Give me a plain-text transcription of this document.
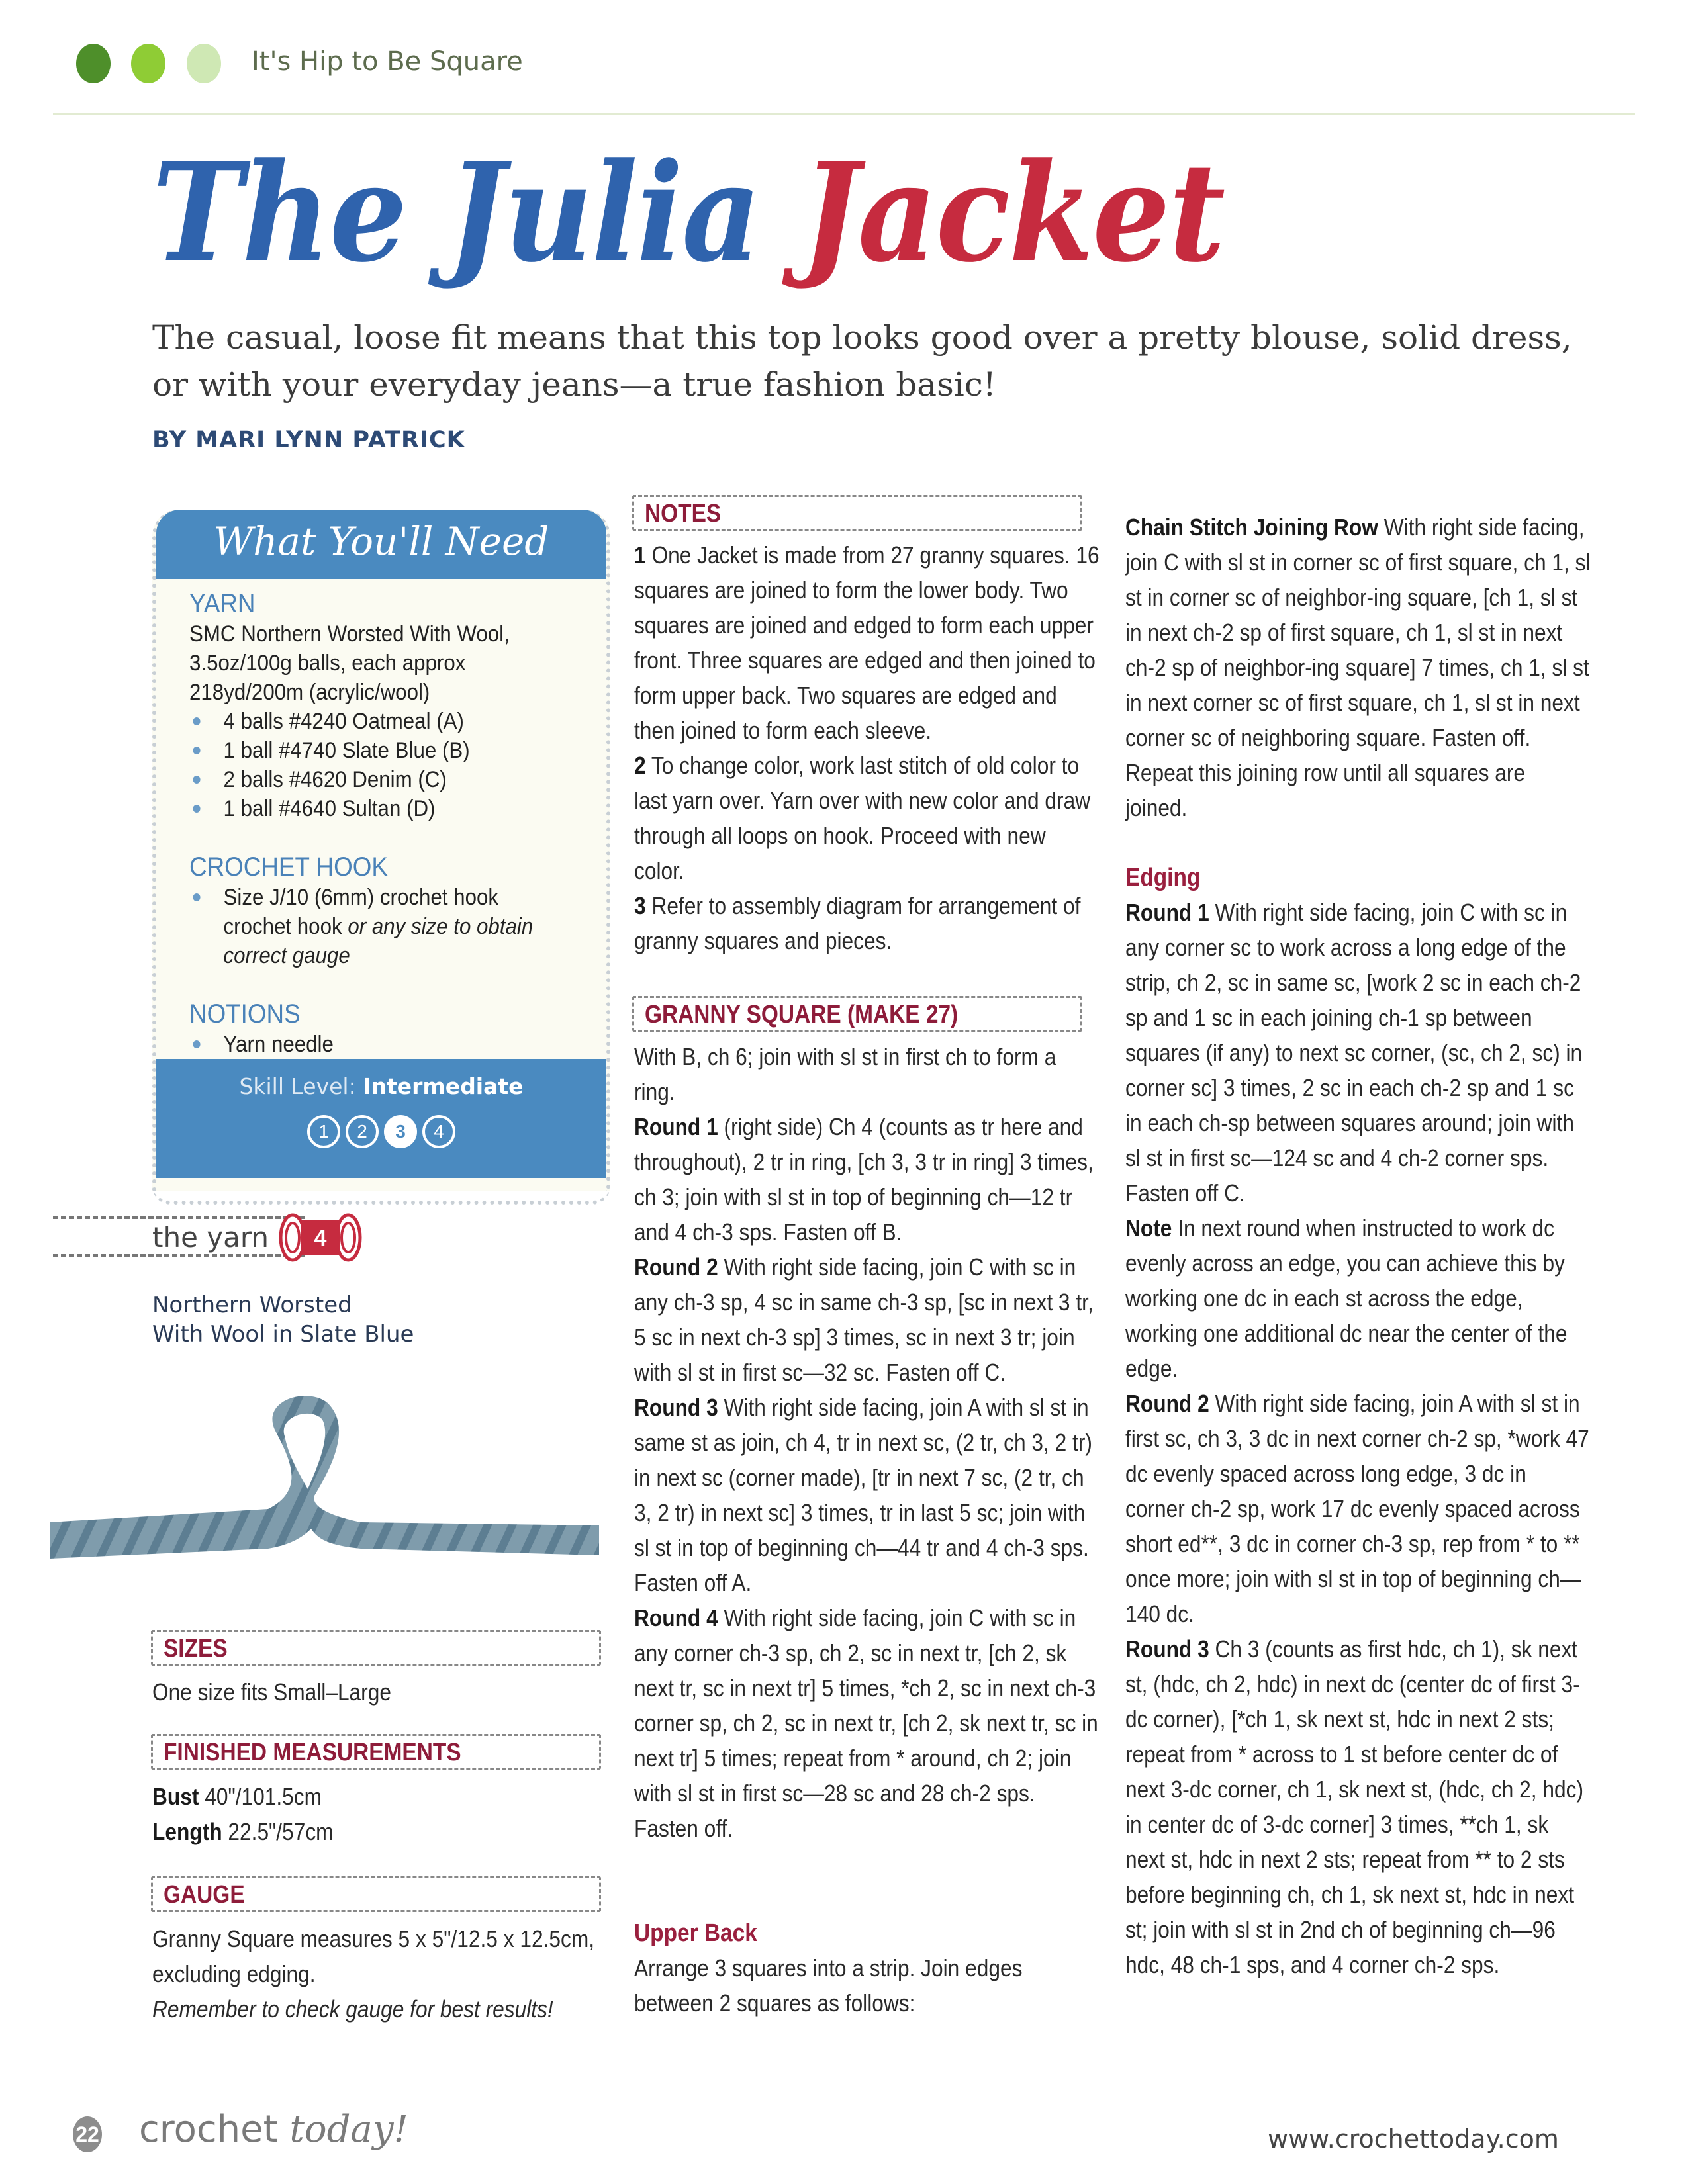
It's Hip to Be Square
The Julia Jacket
The casual, loose fit means that this top looks good over a pretty blouse, solid dress, or with your everyday jeans—a true fashion basic!
BY MARI LYNN PATRICK
What You'll Need
YARN
SMC Northern Worsted With Wool,
3.5oz/100g balls, each approx
218yd/200m (acrylic/wool)
4 balls #4240 Oatmeal (A)
1 ball #4740 Slate Blue (B)
2 balls #4620 Denim (C)
1 ball #4640 Sultan (D)
CROCHET HOOK
Size J/10 (6mm) crochet hook
crochet hook or any size to obtain correct gauge
NOTIONS
Yarn needle
Skill Level: Intermediate
1	2	3	4
the yarn 4
Northern Worsted
With Wool in Slate Blue
SIZES
One size fits Small–Large
FINISHED MEASUREMENTS
Bust 40"/101.5cm
Length 22.5"/57cm
GAUGE
Granny Square measures 5 x 5"/12.5 x 12.5cm, excluding edging.
Remember to check gauge for best results!
NOTES
1 One Jacket is made from 27 granny squares. 16 squares are joined to form the lower body. Two squares are joined and edged to form each upper front. Three squares are edged and then joined to form upper back. Two squares are edged and then joined to form each sleeve.
2 To change color, work last stitch of old color to last yarn over. Yarn over with new color and draw through all loops on hook. Proceed with new color.
3 Refer to assembly diagram for arrangement of granny squares and pieces.
GRANNY SQUARE (MAKE 27)
With B, ch 6; join with sl st in first ch to form a ring.
Round 1 (right side) Ch 4 (counts as tr here and throughout), 2 tr in ring, [ch 3, 3 tr in ring] 3 times, ch 3; join with sl st in top of beginning ch—12 tr and 4 ch-3 sps. Fasten off B.
Round 2 With right side facing, join C with sc in any ch-3 sp, 4 sc in same ch-3 sp, [sc in next 3 tr, 5 sc in next ch-3 sp] 3 times, sc in next 3 tr; join with sl st in first sc—32 sc. Fasten off C.
Round 3 With right side facing, join A with sl st in same st as join, ch 4, tr in next sc, (2 tr, ch 3, 2 tr) in next sc (corner made), [tr in next 7 sc, (2 tr, ch 3, 2 tr) in next sc] 3 times, tr in last 5 sc; join with sl st in top of beginning ch—44 tr and 4 ch-3 sps. Fasten off A.
Round 4 With right side facing, join C with sc in any corner ch-3 sp, ch 2, sc in next tr, [ch 2, sk next tr, sc in next tr] 5 times, *ch 2, sc in next ch-3 corner sp, ch 2, sc in next tr, [ch 2, sk next tr, sc in next tr] 5 times; repeat from * around, ch 2; join with sl st in first sc—28 sc and 28 ch-2 sps. Fasten off.
Upper Back
Arrange 3 squares into a strip. Join edges between 2 squares as follows:
Chain Stitch Joining Row With right side facing, join C with sl st in corner sc of first square, ch 1, sl st in corner sc of neighbor-ing square, [ch 1, sl st in next ch-2 sp of first square, ch 1, sl st in next ch-2 sp of neighbor-ing square] 7 times, ch 1, sl st in next corner sc of first square, ch 1, sl st in next corner sc of neighboring square. Fasten off. Repeat this joining row until all squares are joined.
Edging
Round 1 With right side facing, join C with sc in any corner sc to work across a long edge of the strip, ch 2, sc in same sc, [work 2 sc in each ch-2 sp and 1 sc in each joining ch-1 sp between squares (if any) to next sc corner, (sc, ch 2, sc) in corner sc] 3 times, 2 sc in each ch-2 sp and 1 sc in each ch-sp between squares around; join with sl st in first sc—124 sc and 4 ch-2 corner sps. Fasten off C.
Note In next round when instructed to work dc evenly across an edge, you can achieve this by working one dc in each st across the edge, working one additional dc near the center of the edge.
Round 2 With right side facing, join A with sl st in first sc, ch 3, 3 dc in next corner ch-2 sp, *work 47 dc evenly spaced across long edge, 3 dc in corner ch-2 sp, work 17 dc evenly spaced across short ed**, 3 dc in corner ch-3 sp, rep from * to ** once more; join with sl st in top of beginning ch—140 dc.
Round 3 Ch 3 (counts as first hdc, ch 1), sk next st, (hdc, ch 2, hdc) in next dc (center dc of first 3-dc corner), [*ch 1, sk next st, hdc in next 2 sts; repeat from * across to 1 st before center dc of next 3-dc corner, ch 1, sk next st, (hdc, ch 2, hdc) in center dc of 3-dc corner] 3 times, **ch 1, sk next st, hdc in next 2 sts; repeat from ** to 2 sts before beginning ch, ch 1, sk next st, hdc in next st; join with sl st in 2nd ch of beginning ch—96 hdc, 48 ch-1 sps, and 4 corner ch-2 sps.
22 crochet today!	www.crochettoday.com
